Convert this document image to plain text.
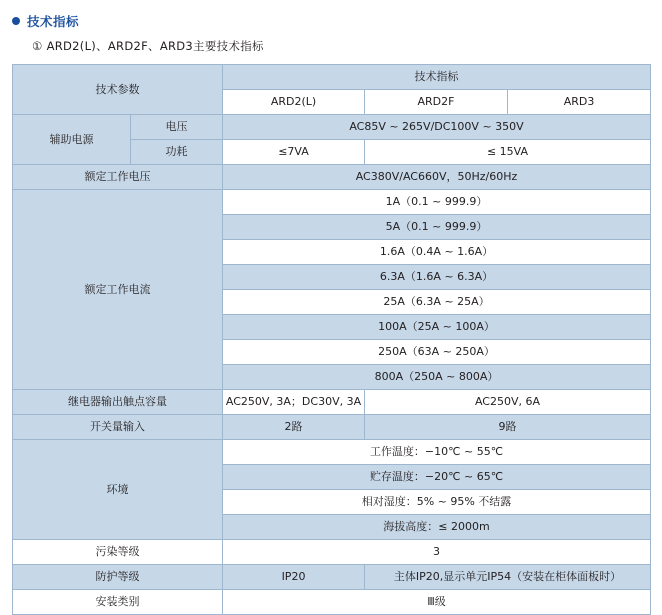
技术指标
① ARD2(L)、ARD2F、ARD3主要技术指标
技术参数		技术指标		
		ARD2(L)	ARD2F	ARD3
辅助电源	电压	AC85V ~ 265V/DC100V ~ 350V		
	功耗	≤7VA	≤ 15VA	
额定工作电压		AC380V/AC660V，50Hz/60Hz		
额定工作电流		1A（0.1 ~ 999.9）		
		5A（0.1 ~ 999.9）		
		1.6A（0.4A ~ 1.6A）		
		6.3A（1.6A ~ 6.3A）		
		25A（6.3A ~ 25A）		
		100A（25A ~ 100A）		
		250A（63A ~ 250A）		
		800A（250A ~ 800A）		
继电器输出触点容量		AC250V, 3A；DC30V, 3A	AC250V, 6A	
开关量输入		2路	9路	
环境		工作温度：−10℃ ~ 55℃		
		贮存温度：−20℃ ~ 65℃		
		相对湿度：5% ~ 95% 不结露		
		海拔高度：≤ 2000m		
污染等级		3		
防护等级		IP20	主体IP20,显示单元IP54（安装在柜体面板时）	
安装类别		Ⅲ级		
